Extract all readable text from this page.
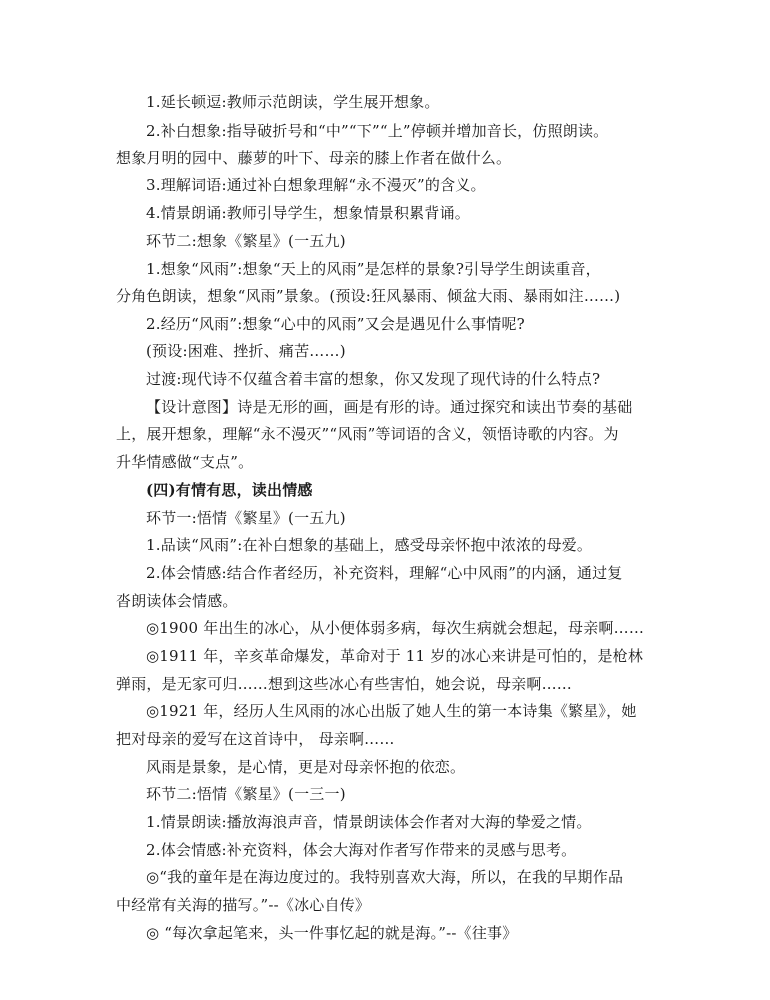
1.延长顿逗:教师示范朗读，学生展开想象。

2.补白想象:指导破折号和“中”“下”“上”停顿并增加音长，仿照朗读。

想象月明的园中、藤萝的叶下、母亲的膝上作者在做什么。

3.理解词语:通过补白想象理解“永不漫灭”的含义。

4.情景朗诵:教师引导学生，想象情景积累背诵。

环节二:想象《繁星》(一五九)

1.想象“风雨”:想象“天上的风雨”是怎样的景象?引导学生朗读重音，

分角色朗读，想象“风雨”景象。(预设:狂风暴雨、倾盆大雨、暴雨如注……)

2.经历“风雨”:想象“心中的风雨”又会是遇见什么事情呢?

(预设:困难、挫折、痛苦……)

过渡:现代诗不仅蕴含着丰富的想象，你又发现了现代诗的什么特点?

【设计意图】诗是无形的画，画是有形的诗。通过探究和读出节奏的基础

上，展开想象，理解“永不漫灭”“风雨”等词语的含义，领悟诗歌的内容。为

升华情感做“支点”。

(四)有情有思，读出情感

环节一:悟情《繁星》(一五九)

1.品读“风雨”:在补白想象的基础上，感受母亲怀抱中浓浓的母爱。

2.体会情感:结合作者经历，补充资料，理解“心中风雨”的内涵，通过复

沓朗读体会情感。

◎1900 年出生的冰心，从小便体弱多病，每次生病就会想起，母亲啊……

◎1911 年，辛亥革命爆发，革命对于 11 岁的冰心来讲是可怕的，是枪林

弹雨，是无家可归……想到这些冰心有些害怕，她会说，母亲啊……

◎1921 年，经历人生风雨的冰心出版了她人生的第一本诗集《繁星》，她

把对母亲的爱写在这首诗中， 母亲啊……

风雨是景象，是心情，更是对母亲怀抱的依恋。

环节二:悟情《繁星》(一三一)

1.情景朗读:播放海浪声音，情景朗读体会作者对大海的挚爱之情。

2.体会情感:补充资料，体会大海对作者写作带来的灵感与思考。

◎“我的童年是在海边度过的。我特别喜欢大海，所以，在我的早期作品

中经常有关海的描写。”--《冰心自传》

◎ “每次拿起笔来，头一件事忆起的就是海。”--《往事》
